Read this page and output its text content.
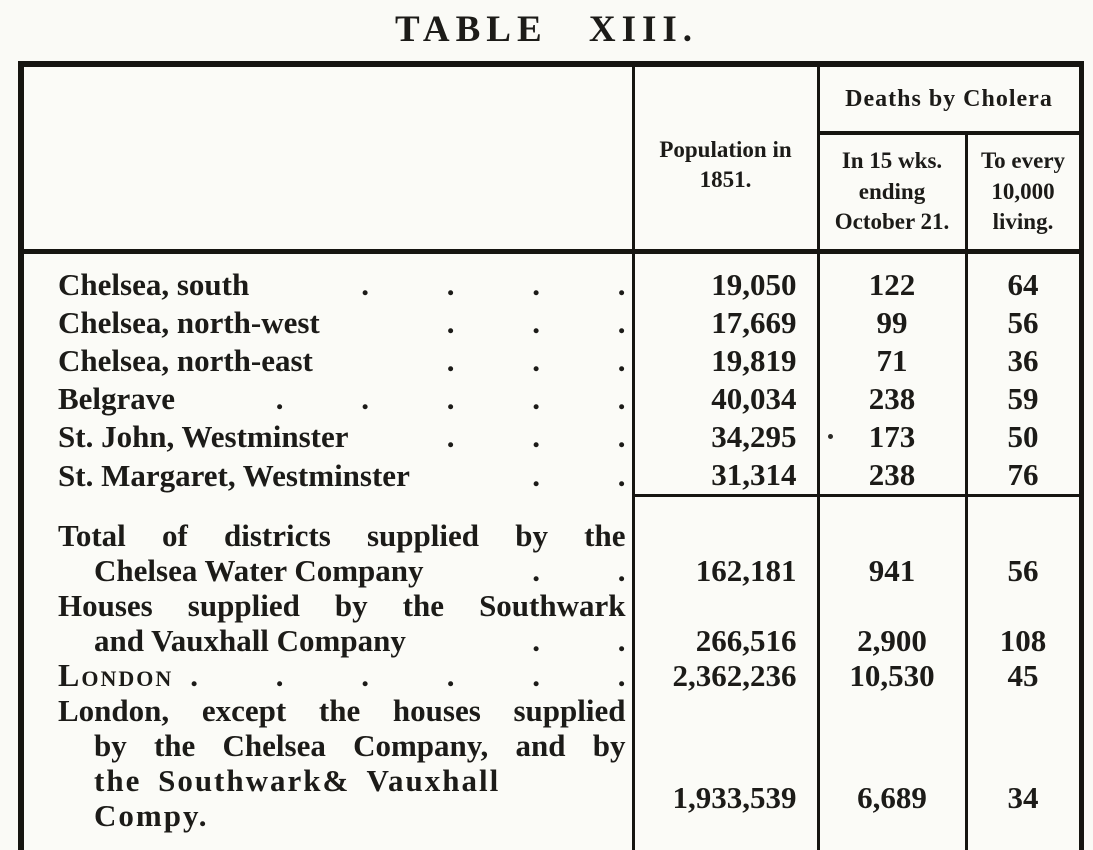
TABLE XIII.

	Population in 1851.	Deaths by Cholera	

		In 15 wks. ending October 21.	To every 10,000 living.

Chelsea, south . . . .	19,050	122	64

Chelsea, north-west . . .	17,669	99	56

Chelsea, north-east . . .	19,819	71	36

Belgrave . . . . .	40,034	238	59

St. John, Westminster . . .	34,295	173	50

St. Margaret, Westminster . .	31,314	238	76

Total of districts supplied by the			

Chelsea Water Company . .	162,181	941	56

Houses supplied by the Southwark			

and Vauxhall Company . .	266,516	2,900	108

London . . . . . .	2,362,236	10,530	45

London, except the houses supplied			

by the Chelsea Company, and by			

the Southwark& Vauxhall Compy.	1,933,539	6,689	34
